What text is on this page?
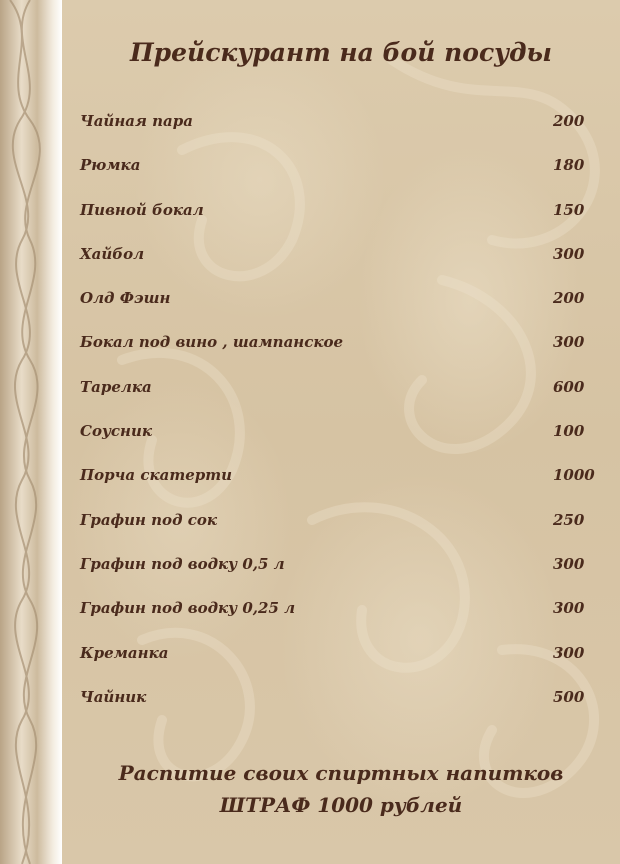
Прейскурант на бой посуды
Чайная пара	200
Рюмка	180
Пивной бокал	150
Хайбол	300
Олд Фэшн	200
Бокал под вино , шампанское	300
Тарелка	600
Соусник	100
Порча скатерти	1000
Графин под сок	250
Графин под водку 0,5 л	300
Графин под водку 0,25 л	300
Креманка	300
Чайник	500
Распитие своих спиртных напитков
ШТРАФ 1000 рублей
